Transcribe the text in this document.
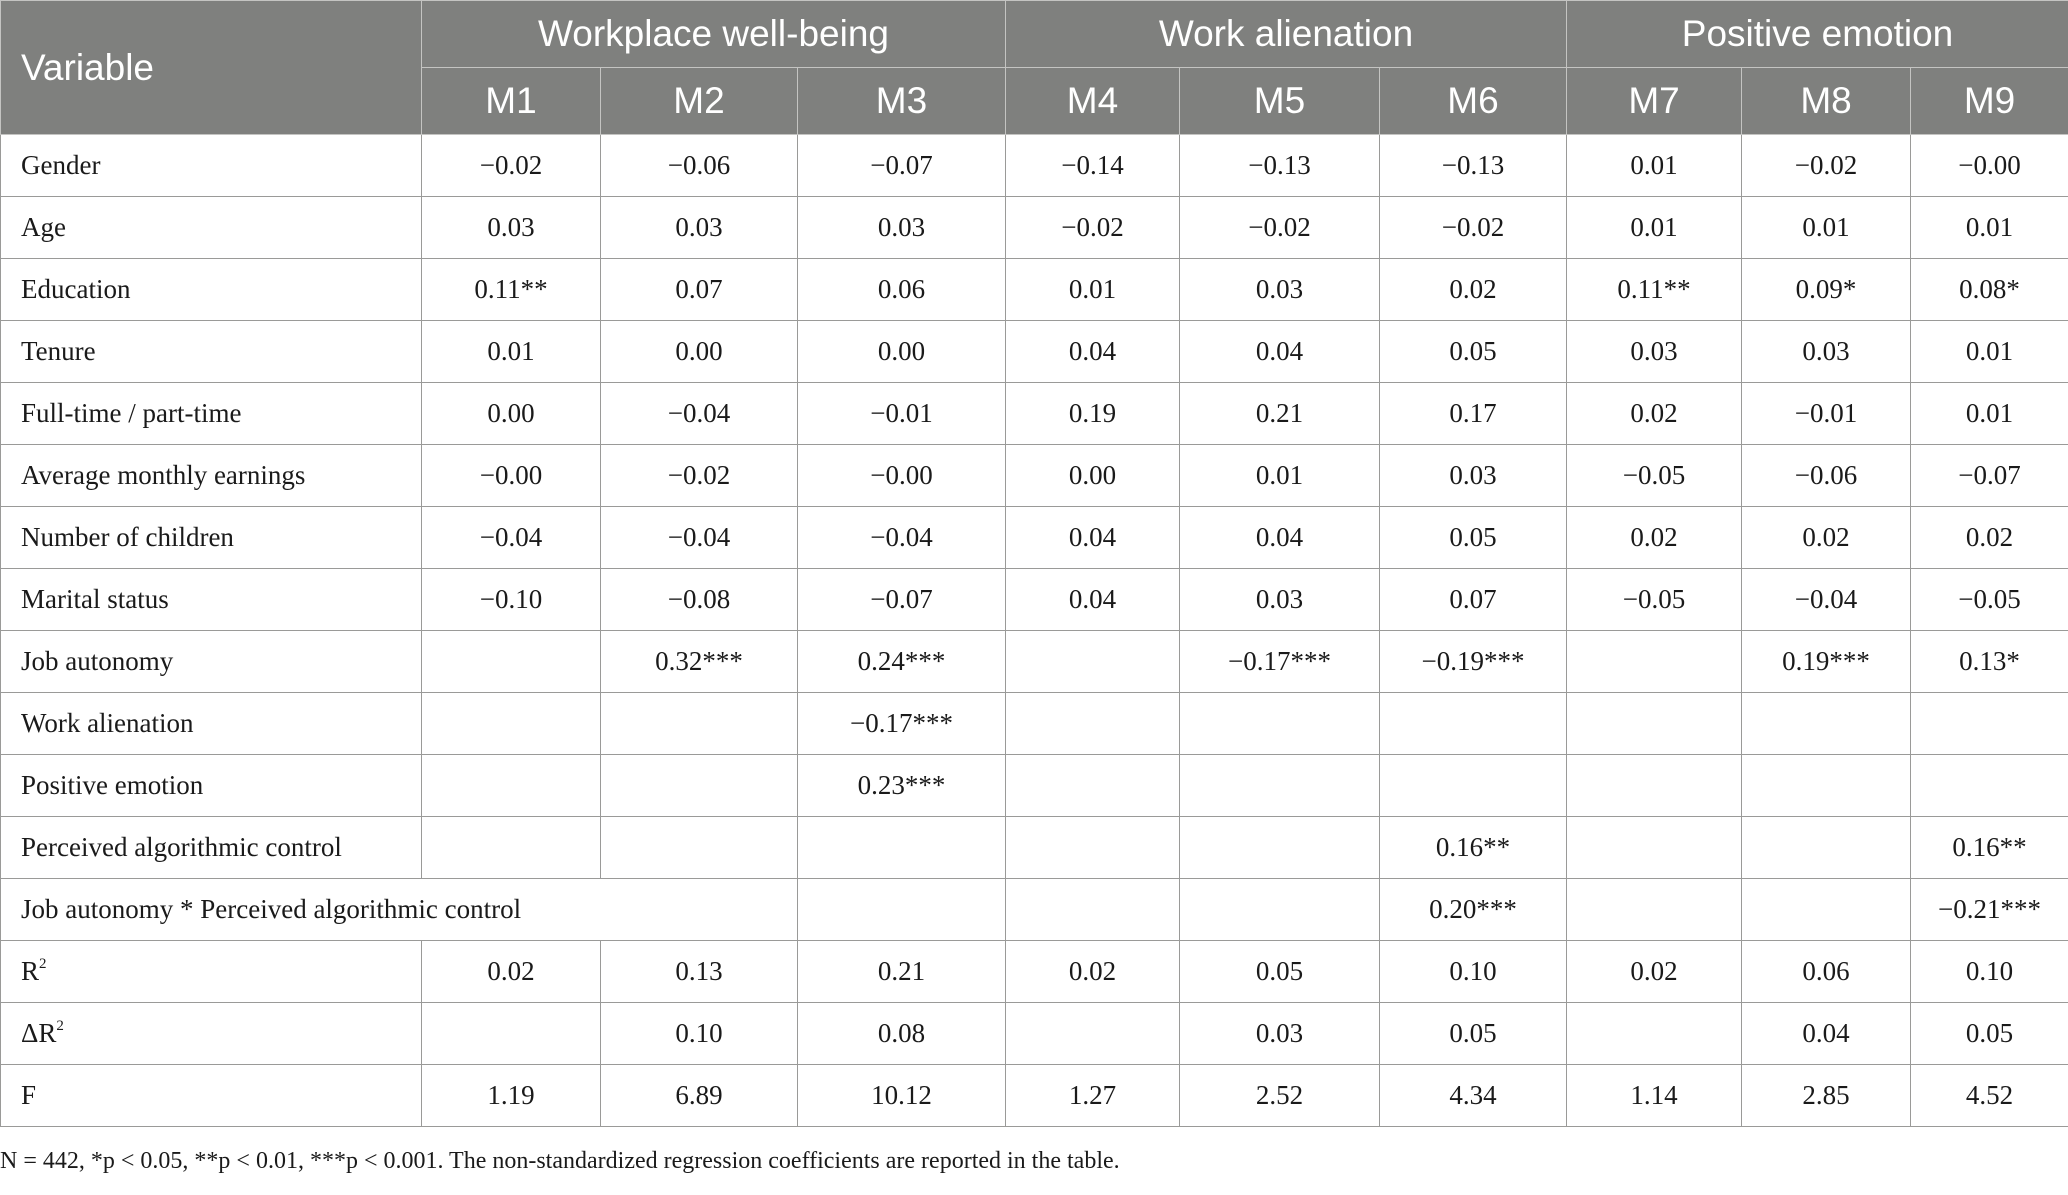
Variable	Workplace well-being			Work alienation			Positive emotion		
	M1	M2	M3	M4	M5	M6	M7	M8	M9
Gender	−0.02	−0.06	−0.07	−0.14	−0.13	−0.13	0.01	−0.02	−0.00
Age	0.03	0.03	0.03	−0.02	−0.02	−0.02	0.01	0.01	0.01
Education	0.11**	0.07	0.06	0.01	0.03	0.02	0.11**	0.09*	0.08*
Tenure	0.01	0.00	0.00	0.04	0.04	0.05	0.03	0.03	0.01
Full-time / part-time	0.00	−0.04	−0.01	0.19	0.21	0.17	0.02	−0.01	0.01
Average monthly earnings	−0.00	−0.02	−0.00	0.00	0.01	0.03	−0.05	−0.06	−0.07
Number of children	−0.04	−0.04	−0.04	0.04	0.04	0.05	0.02	0.02	0.02
Marital status	−0.10	−0.08	−0.07	0.04	0.03	0.07	−0.05	−0.04	−0.05
Job autonomy		0.32***	0.24***		−0.17***	−0.19***		0.19***	0.13*
Work alienation			−0.17***						
Positive emotion			0.23***						
Perceived algorithmic control						0.16**			0.16**
Job autonomy * Perceived algorithmic control						0.20***			−0.21***
$R^2$	0.02	0.13	0.21	0.02	0.05	0.10	0.02	0.06	0.10
$\Delta R^2$		0.10	0.08		0.03	0.05		0.04	0.05
F	1.19	6.89	10.12	1.27	2.52	4.34	1.14	2.85	4.52

N = 442, *p < 0.05, **p < 0.01, ***p < 0.001. The non-standardized regression coefficients are reported in the table.
